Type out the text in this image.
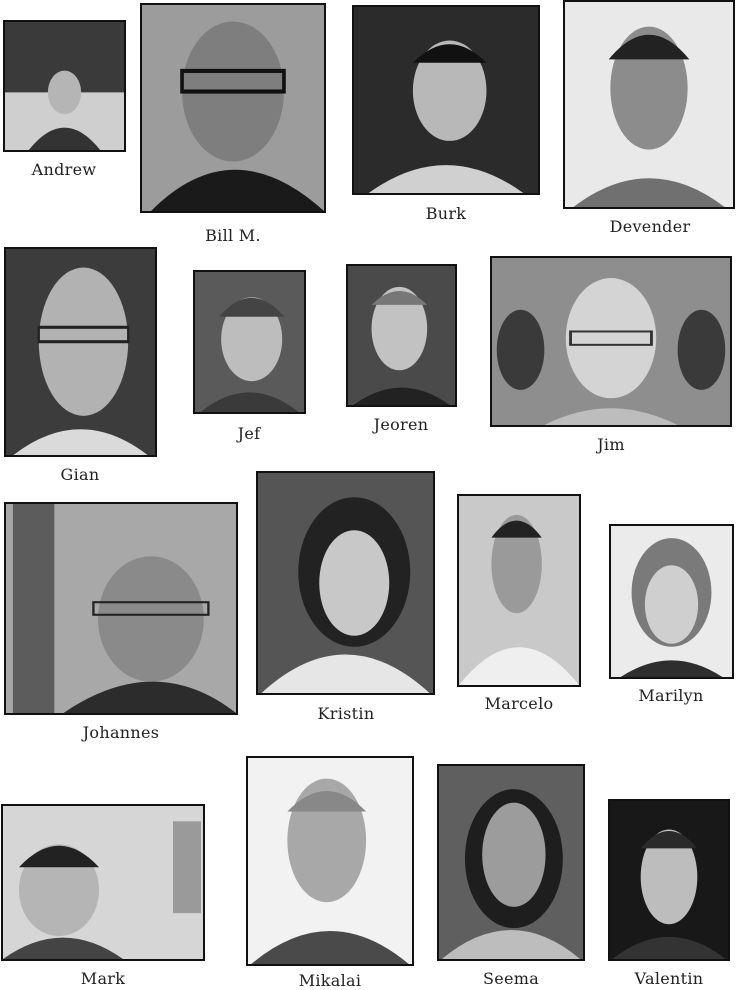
Andrew
Bill M.
Burk
Devender
Gian
Jef	Jeoren
Jim
Johannes
Kristin
Marcelo	Marilyn
Mark	Mikalai	Seema	Valentin
